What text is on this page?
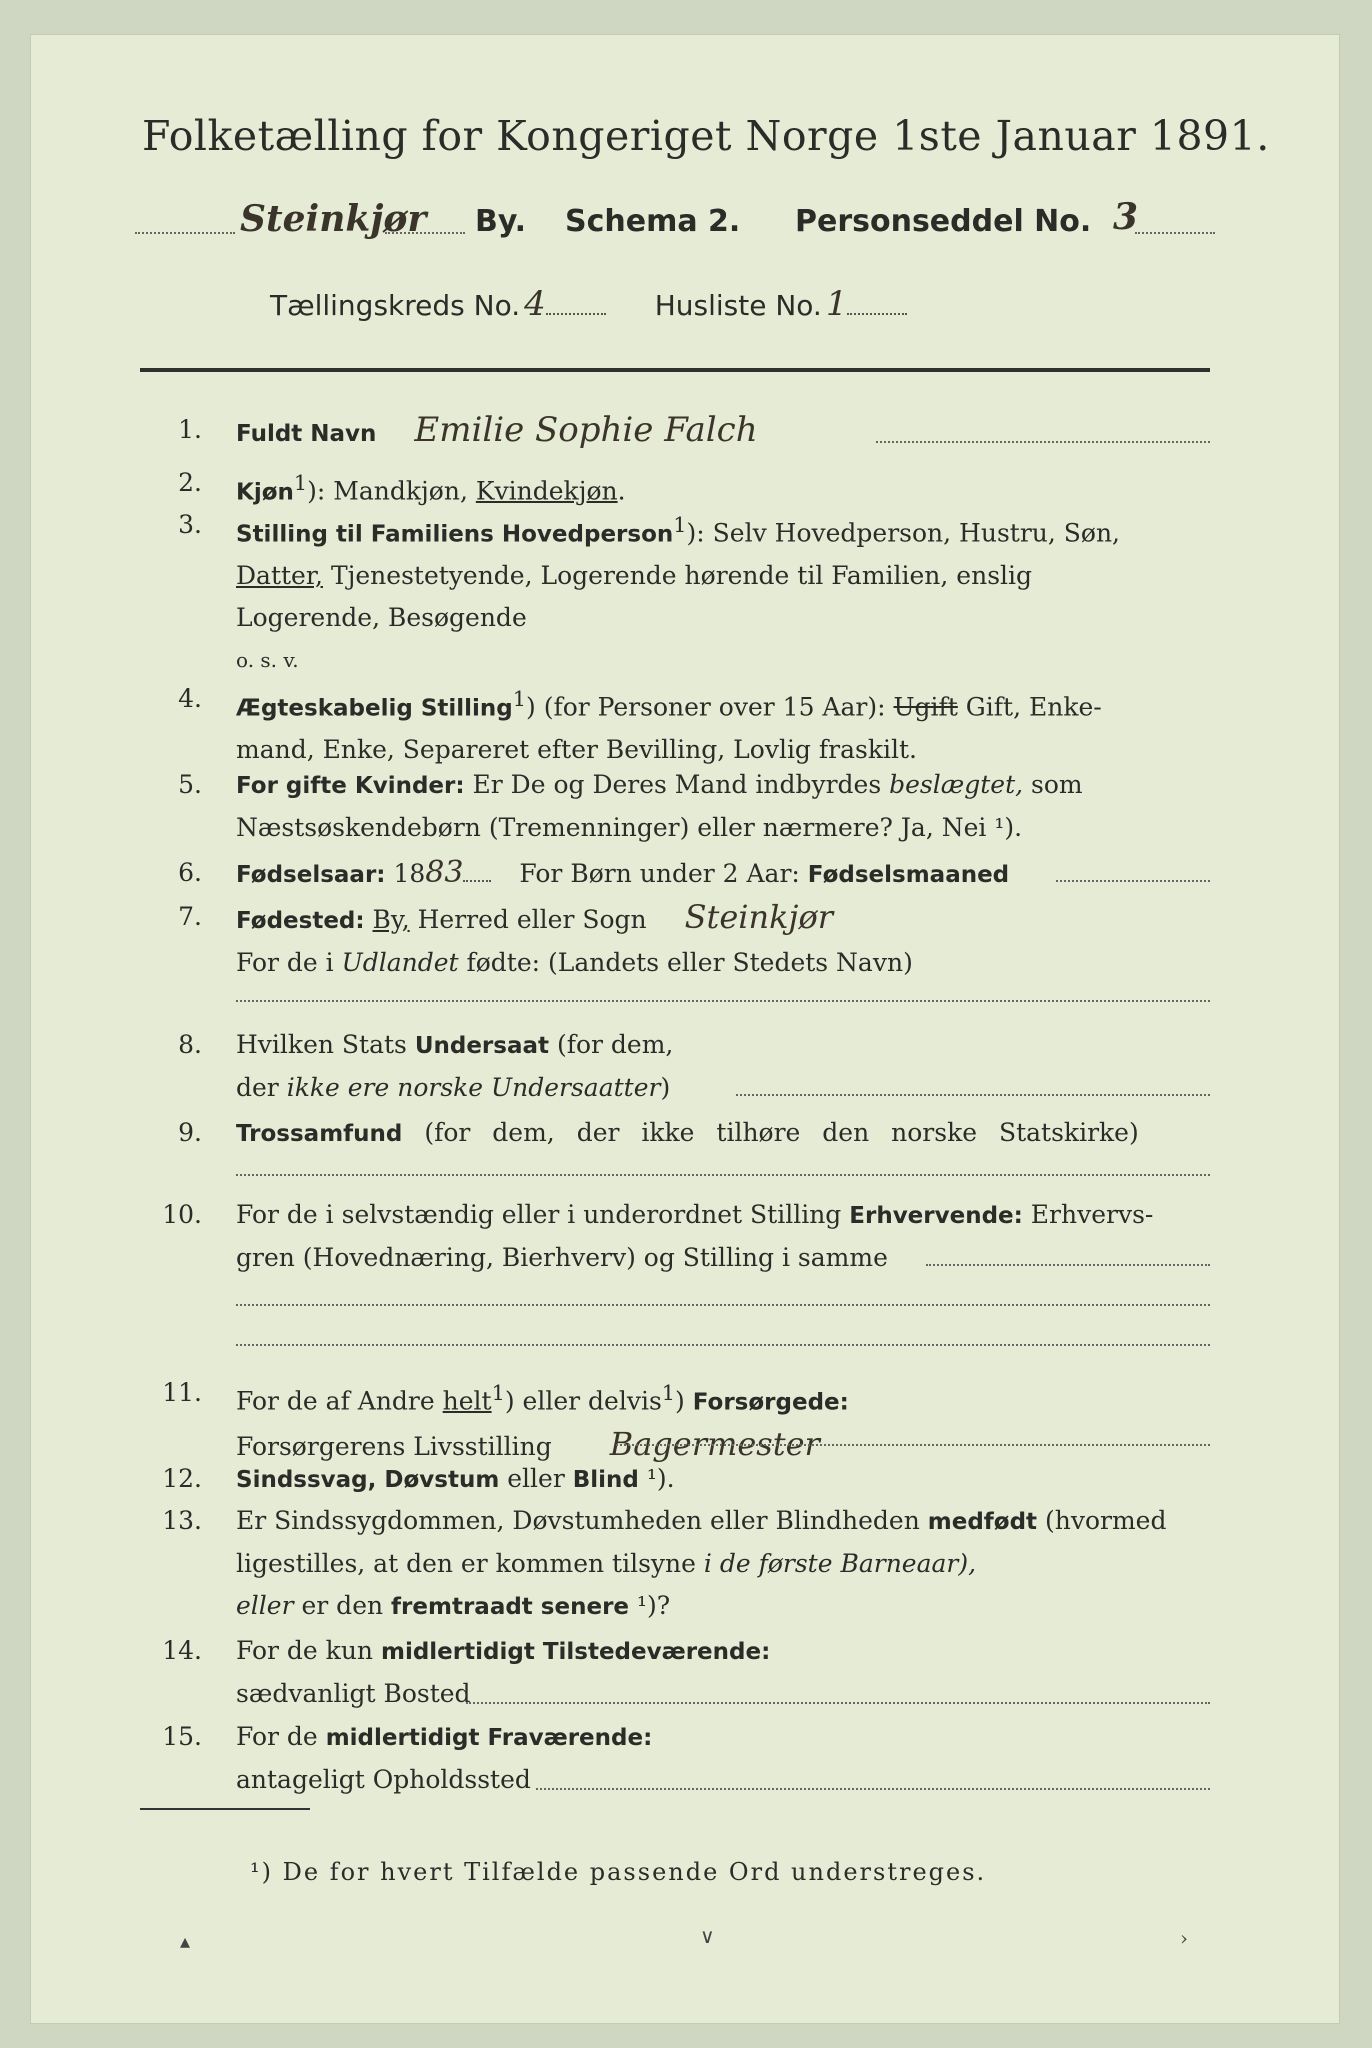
Folketælling for Kongeriget Norge 1ste Januar 1891.
Steinkjør By. Schema 2. Personseddel No. 3
Tællingskreds No. 4	Husliste No. 1
1. Fuldt Navn Emilie Sophie Falch
2. Kjøn$^1$): Mandkjøn, Kvindekjøn.
3. Stilling til Familiens Hovedperson$^1$): Selv Hovedperson, Hustru, Søn,
Datter, Tjenestetyende, Logerende hørende til Familien, enslig
Logerende, Besøgende
o. s. v.
4. Ægteskabelig Stilling$^1$) (for Personer over 15 Aar): Ugift Gift, Enke-
mand, Enke, Separeret efter Bevilling, Lovlig fraskilt.
5. For gifte Kvinder: Er De og Deres Mand indbyrdes beslægtet, som
Næstsøskendebørn (Tremenninger) eller nærmere? Ja, Nei ¹).
6. Fødselsaar: 1883 For Børn under 2 Aar: Fødselsmaaned
7. Fødested: By, Herred eller Sogn Steinkjør
For de i Udlandet fødte: (Landets eller Stedets Navn)
8. Hvilken Stats Undersaat (for dem,
der ikke ere norske Undersaatter)
9. Trossamfund (for dem, der ikke tilhøre den norske Statskirke)
10. For de i selvstændig eller i underordnet Stilling Erhvervende: Erhvervs-
gren (Hovednæring, Bierhverv) og Stilling i samme
11. For de af Andre helt$^1$) eller delvis$^1$) Forsørgede:
Forsørgerens Livsstilling Bagermester
12. Sindssvag, Døvstum eller Blind ¹).
13. Er Sindssygdommen, Døvstumheden eller Blindheden medfødt (hvormed
ligestilles, at den er kommen tilsyne i de første Barneaar),
eller er den fremtraadt senere ¹)?
14. For de kun midlertidigt Tilstedeværende:
sædvanligt Bosted
15. For de midlertidigt Fraværende:
antageligt Opholdssted
¹) De for hvert Tilfælde passende Ord understreges.
▴	∨	›
